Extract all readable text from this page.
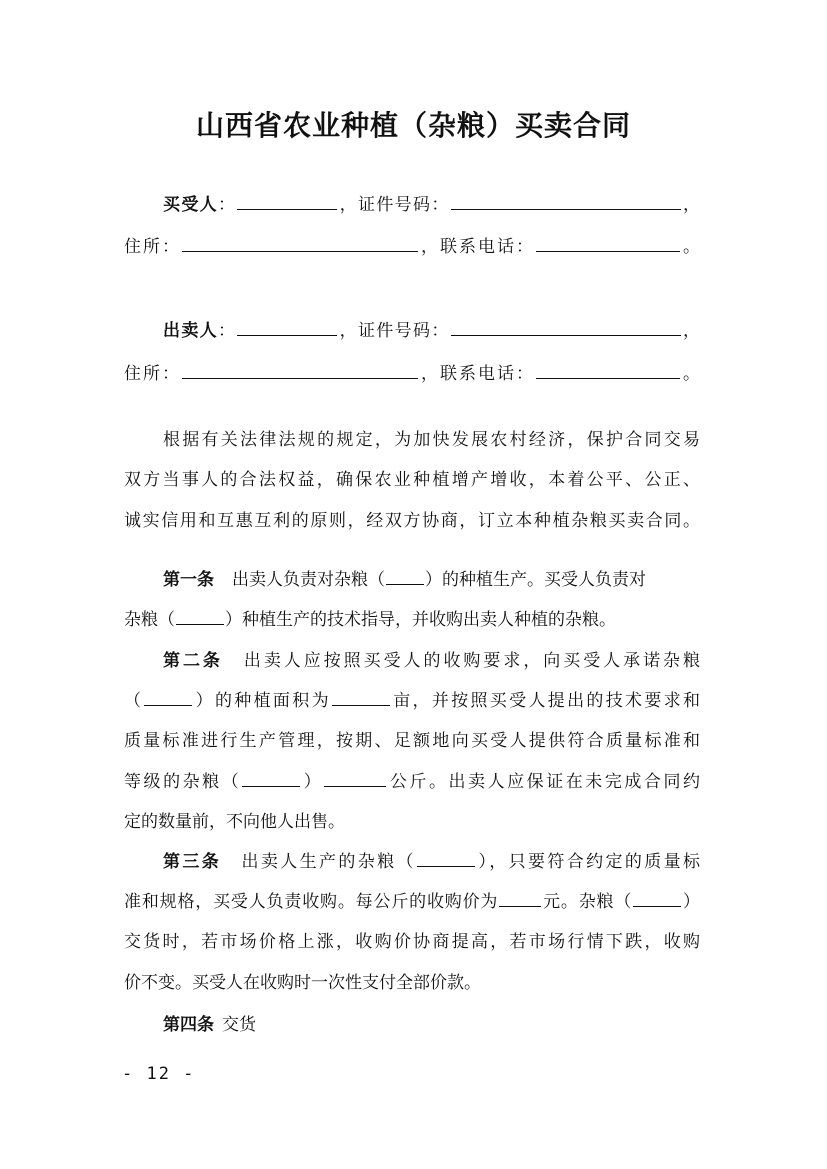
山西省农业种植（杂粮）买卖合同
买受人：	，证件号码：	，
住所：	，联系电话：	。
出卖人：	，证件号码：	，
住所：	，联系电话：	。
根据有关法律法规的规定，为加快发展农村经济，保护合同交易
双方当事人的合法权益，确保农业种植增产增收，本着公平、公正、
诚实信用和互惠互利的原则，经双方协商，订立本种植杂粮买卖合同。
第一条 出卖人负责对杂粮（ ）的种植生产。买受人负责对
杂粮（	）种植生产的技术指导，并收购出卖人种植的杂粮。
第二条 出卖人应按照买受人的收购要求，向买受人承诺杂粮
（	）的种植面积为	亩，并按照买受人提出的技术要求和
质量标准进行生产管理，按期、足额地向买受人提供符合质量标准和
等级的杂粮（	）	公斤。出卖人应保证在未完成合同约
定的数量前，不向他人出售。
第三条 出卖人生产的杂粮（	），只要符合约定的质量标
准和规格，买受人负责收购。每公斤的收购价为	元。杂粮（	）
交货时，若市场价格上涨，收购价协商提高，若市场行情下跌，收购
价不变。买受人在收购时一次性支付全部价款。
第四条 交货
- 12 -
